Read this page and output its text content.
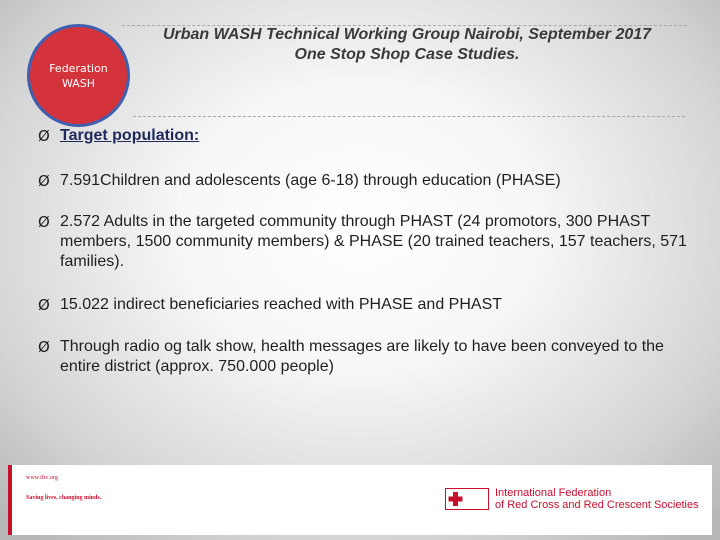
Federation
WASH
Urban WASH Technical Working Group Nairobi, September 2017
One Stop Shop Case Studies.
Ø Target population:
Ø 7.591Children and adolescents (age 6-18) through education (PHASE)
Ø 2.572 Adults in the targeted community through PHAST (24 promotors, 300 PHAST members, 1500 community members) & PHASE (20 trained teachers, 157 teachers, 571 families).
Ø 15.022 indirect beneficiaries reached with PHASE and PHAST
Ø Through radio og talk show, health messages are likely to have been conveyed to the entire district (approx. 750.000 people)
www.ifrc.org
Saving lives, changing minds.	International Federation
of Red Cross and Red Crescent Societies
